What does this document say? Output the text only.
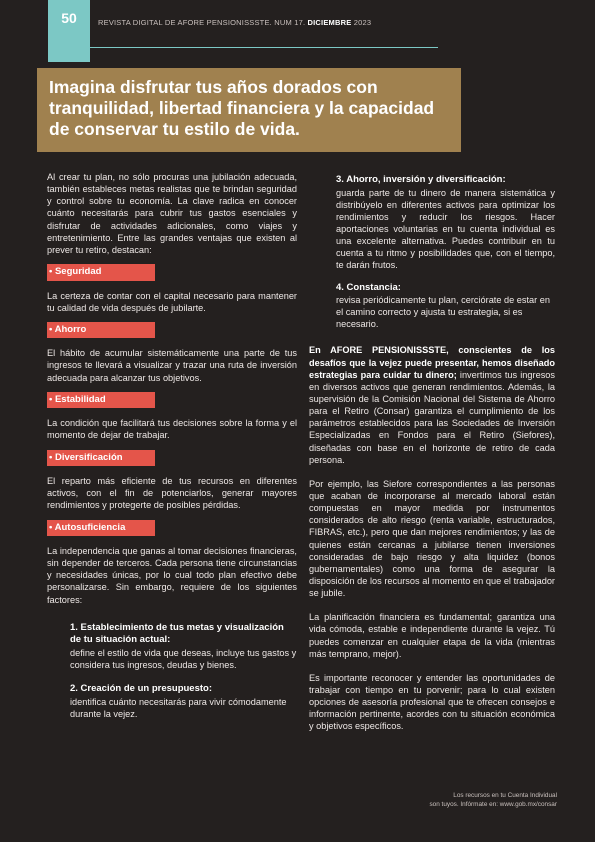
50	REVISTA DIGITAL DE AFORE PENSIONISSSTE. NUM 17. DICIEMBRE 2023
Imagina disfrutar tus años dorados con tranquilidad, libertad financiera y la capacidad de conservar tu estilo de vida.

Al crear tu plan, no sólo procuras una jubilación adecuada, también estableces metas realistas que te brindan seguridad y control sobre tu economía. La clave radica en conocer cuánto necesitarás para cubrir tus gastos esenciales y disfrutar de actividades adicionales, como viajes y entretenimiento. Entre las grandes ventajas que existen al prever tu retiro, destacan:

• Seguridad

La certeza de contar con el capital necesario para mantener tu calidad de vida después de jubilarte.

• Ahorro

El hábito de acumular sistemáticamente una parte de tus ingresos te llevará a visualizar y trazar una ruta de inversión adecuada para alcanzar tus objetivos.

• Estabilidad

La condición que facilitará tus decisiones sobre la forma y el momento de dejar de trabajar.

• Diversificación

El reparto más eficiente de tus recursos en diferentes activos, con el fin de potenciarlos, generar mayores rendimientos y protegerte de posibles pérdidas.

• Autosuficiencia

La independencia que ganas al tomar decisiones financieras, sin depender de terceros. Cada persona tiene circunstancias y necesidades únicas, por lo cual todo plan efectivo debe personalizarse. Sin embargo, requiere de los siguientes factores:

1. Establecimiento de tus metas y visualización de tu situación actual:
define el estilo de vida que deseas, incluye tus gastos y considera tus ingresos, deudas y bienes.
2. Creación de un presupuesto:
identifica cuánto necesitarás para vivir cómodamente durante la vejez.
3. Ahorro, inversión y diversificación:
guarda parte de tu dinero de manera sistemática y distribúyelo en diferentes activos para optimizar los rendimientos y reducir los riesgos. Hacer aportaciones voluntarias en tu cuenta individual es una excelente alternativa. Puedes contribuir en tu cuenta a tu ritmo y posibilidades que, con el tiempo, te darán frutos.
4. Constancia:
revisa periódicamente tu plan, cerciórate de estar en el camino correcto y ajusta tu estrategia, si es necesario.

En AFORE PENSIONISSSTE, conscientes de los desafíos que la vejez puede presentar, hemos diseñado estrategias para cuidar tu dinero; invertimos tus ingresos en diversos activos que generan rendimientos. Además, la supervisión de la Comisión Nacional del Sistema de Ahorro para el Retiro (Consar) garantiza el cumplimiento de los parámetros establecidos para las Sociedades de Inversión Especializadas en Fondos para el Retiro (Siefores), diseñadas con base en el horizonte de retiro de cada persona.

Por ejemplo, las Siefore correspondientes a las personas que acaban de incorporarse al mercado laboral están compuestas en mayor medida por instrumentos considerados de alto riesgo (renta variable, estructurados, FIBRAS, etc.), pero que dan mejores rendimientos; y las de quienes están cercanas a jubilarse tienen inversiones consideradas de bajo riesgo y alta liquidez (bonos gubernamentales) como una forma de asegurar la disposición de los recursos al momento en que el trabajador se jubile.

La planificación financiera es fundamental; garantiza una vida cómoda, estable e independiente durante la vejez. Tú puedes comenzar en cualquier etapa de la vida (mientras más temprano, mejor).

Es importante reconocer y entender las oportunidades de trabajar con tiempo en tu porvenir; para lo cual existen opciones de asesoría profesional que te ofrecen consejos e información pertinente, acordes con tu situación económica y objetivos específicos.

Los recursos en tu Cuenta Individual
son tuyos. Infórmate en: www.gob.mx/consar
